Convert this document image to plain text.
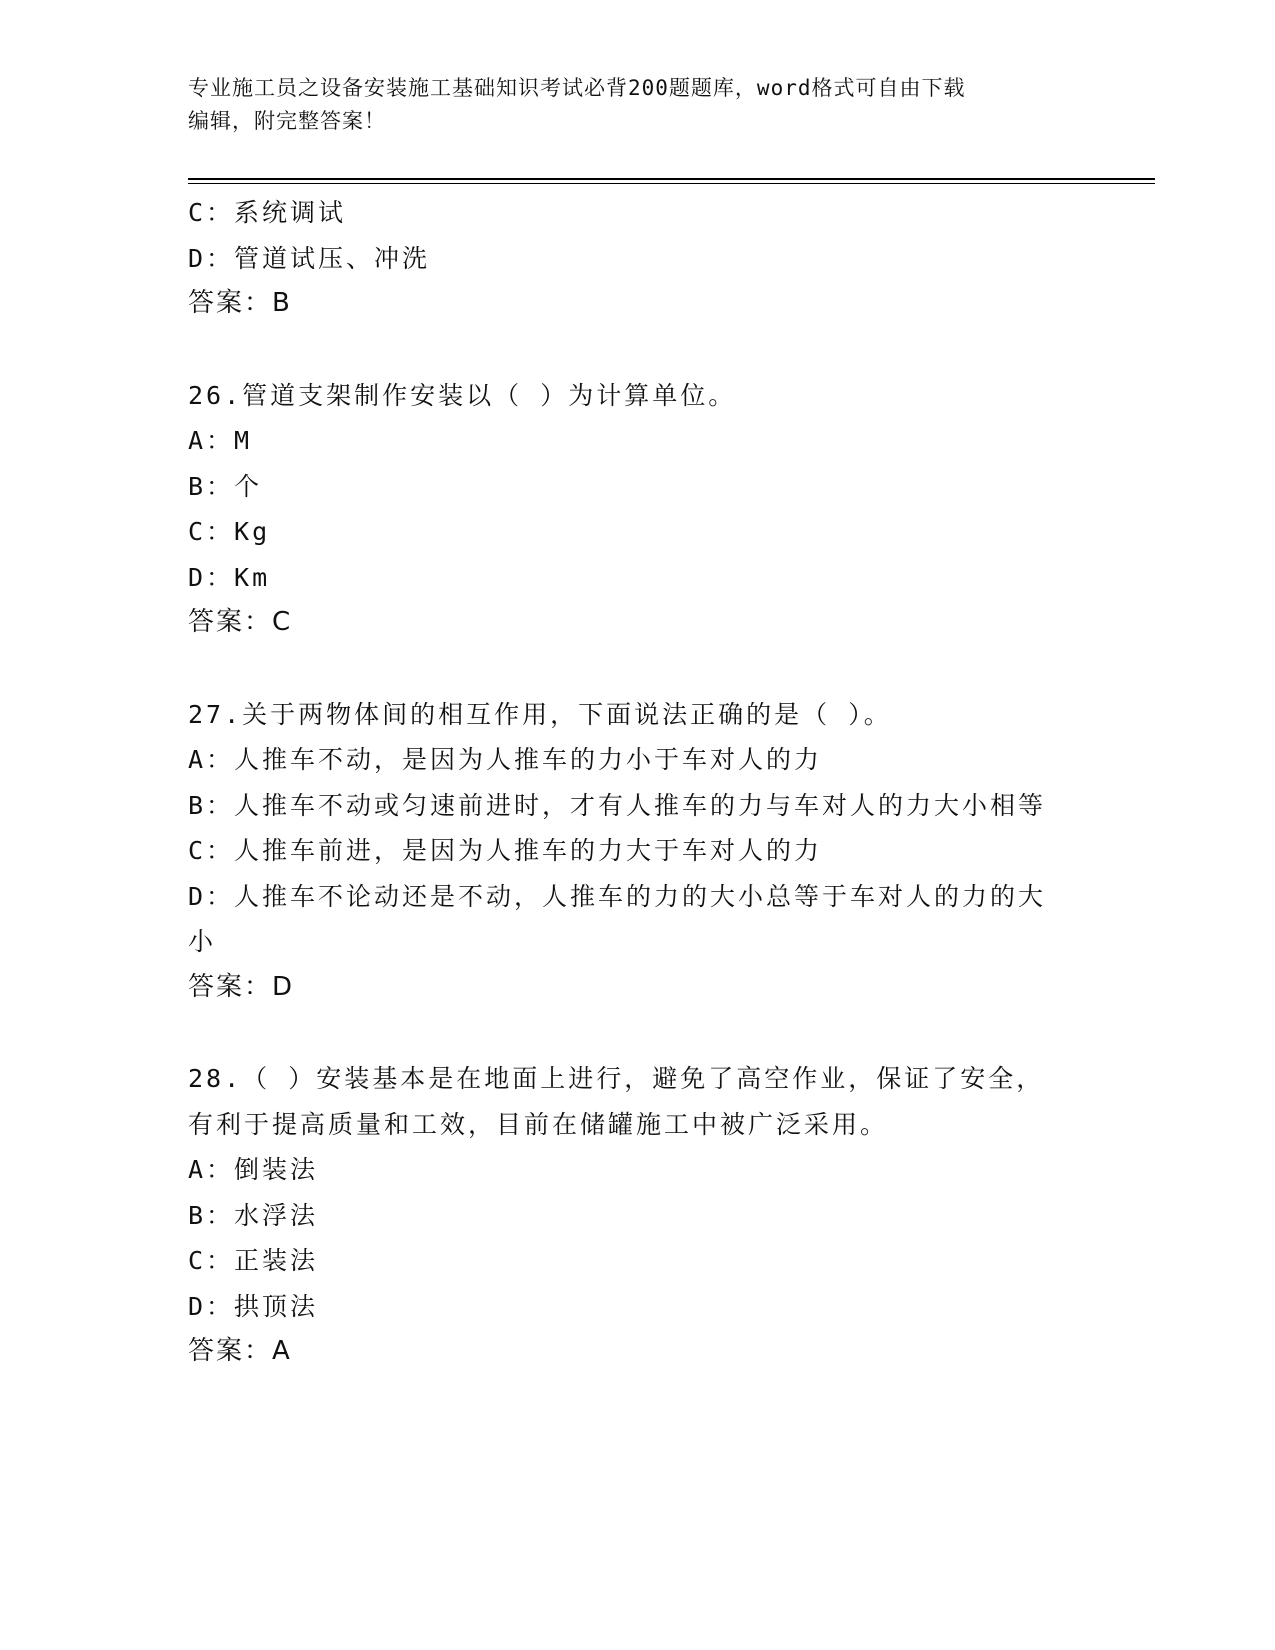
专业施工员之设备安装施工基础知识考试必背200题题库，word格式可自由下载
编辑，附完整答案！
C：系统调试
D：管道试压、冲洗
答案：B
26.管道支架制作安装以（ ）为计算单位。
A：M
B：个
C：Kg
D：Km
答案：C
27.关于两物体间的相互作用，下面说法正确的是（ ）。
A：人推车不动，是因为人推车的力小于车对人的力
B：人推车不动或匀速前进时，才有人推车的力与车对人的力大小相等
C：人推车前进，是因为人推车的力大于车对人的力
D：人推车不论动还是不动，人推车的力的大小总等于车对人的力的大
小
答案：D
28.（ ）安装基本是在地面上进行，避免了高空作业，保证了安全，
有利于提高质量和工效，目前在储罐施工中被广泛采用。
A：倒装法
B：水浮法
C：正装法
D：拱顶法
答案：A
